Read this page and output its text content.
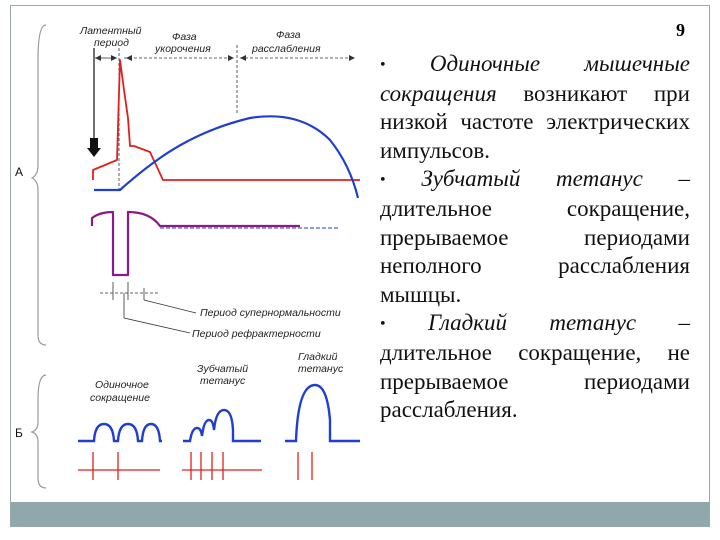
9
А
Б
Латентный
период	Фаза
укорочения
Фаза
расслабления
Период супернормальности
Период рефрактерности
Одиночное
сокращение
Зубчатый
тетанус
Гладкий
тетанус
• Одиночные мышечные сокращения возникают при низкой частоте электрических импульсов.
• Зубчатый тетанус – длительное сокращение, прерываемое периодами неполного расслабления мышцы.
• Гладкий тетанус – длительное сокращение, не прерываемое периодами расслабления.
